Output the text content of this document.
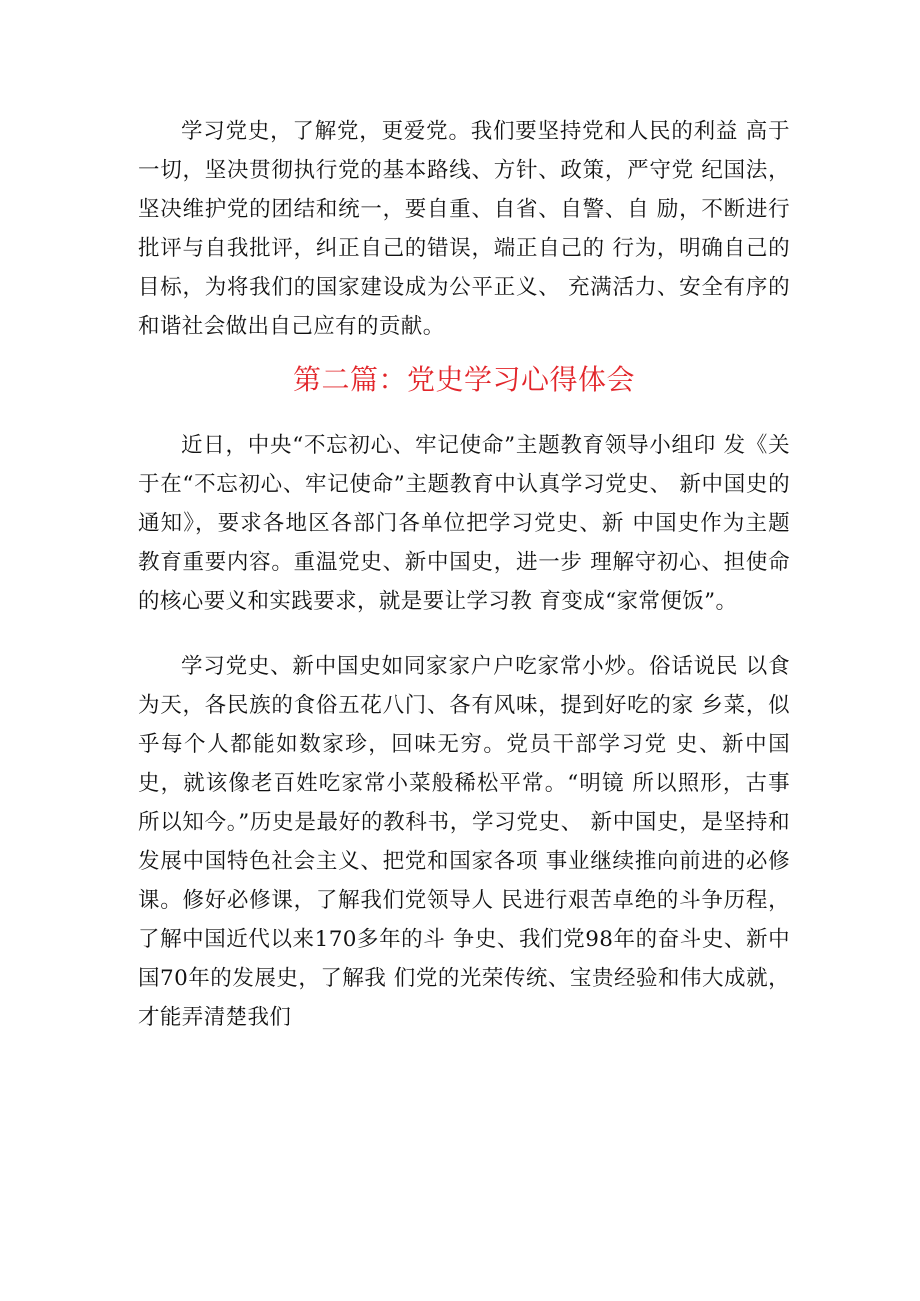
学习党史，了解党，更爱党。我们要坚持党和人民的利益 高于一切，坚决贯彻执行党的基本路线、方针、政策，严守党 纪国法，坚决维护党的团结和统一，要自重、自省、自警、自 励，不断进行批评与自我批评，纠正自己的错误，端正自己的 行为，明确自己的目标，为将我们的国家建设成为公平正义、 充满活力、安全有序的和谐社会做出自己应有的贡献。

第二篇：党史学习心得体会

近日，中央“不忘初心、牢记使命”主题教育领导小组印 发《关于在“不忘初心、牢记使命”主题教育中认真学习党史、 新中国史的通知》，要求各地区各部门各单位把学习党史、新 中国史作为主题教育重要内容。重温党史、新中国史，进一步 理解守初心、担使命的核心要义和实践要求，就是要让学习教 育变成“家常便饭”。

学习党史、新中国史如同家家户户吃家常小炒。俗话说民 以食为天，各民族的食俗五花八门、各有风味，提到好吃的家 乡菜，似乎每个人都能如数家珍，回味无穷。党员干部学习党 史、新中国史，就该像老百姓吃家常小菜般稀松平常。“明镜 所以照形，古事所以知今。”历史是最好的教科书，学习党史、 新中国史，是坚持和发展中国特色社会主义、把党和国家各项 事业继续推向前进的必修课。修好必修课，了解我们党领导人 民进行艰苦卓绝的斗争历程，了解中国近代以来170多年的斗 争史、我们党98年的奋斗史、新中国70年的发展史，了解我 们党的光荣传统、宝贵经验和伟大成就，才能弄清楚我们
